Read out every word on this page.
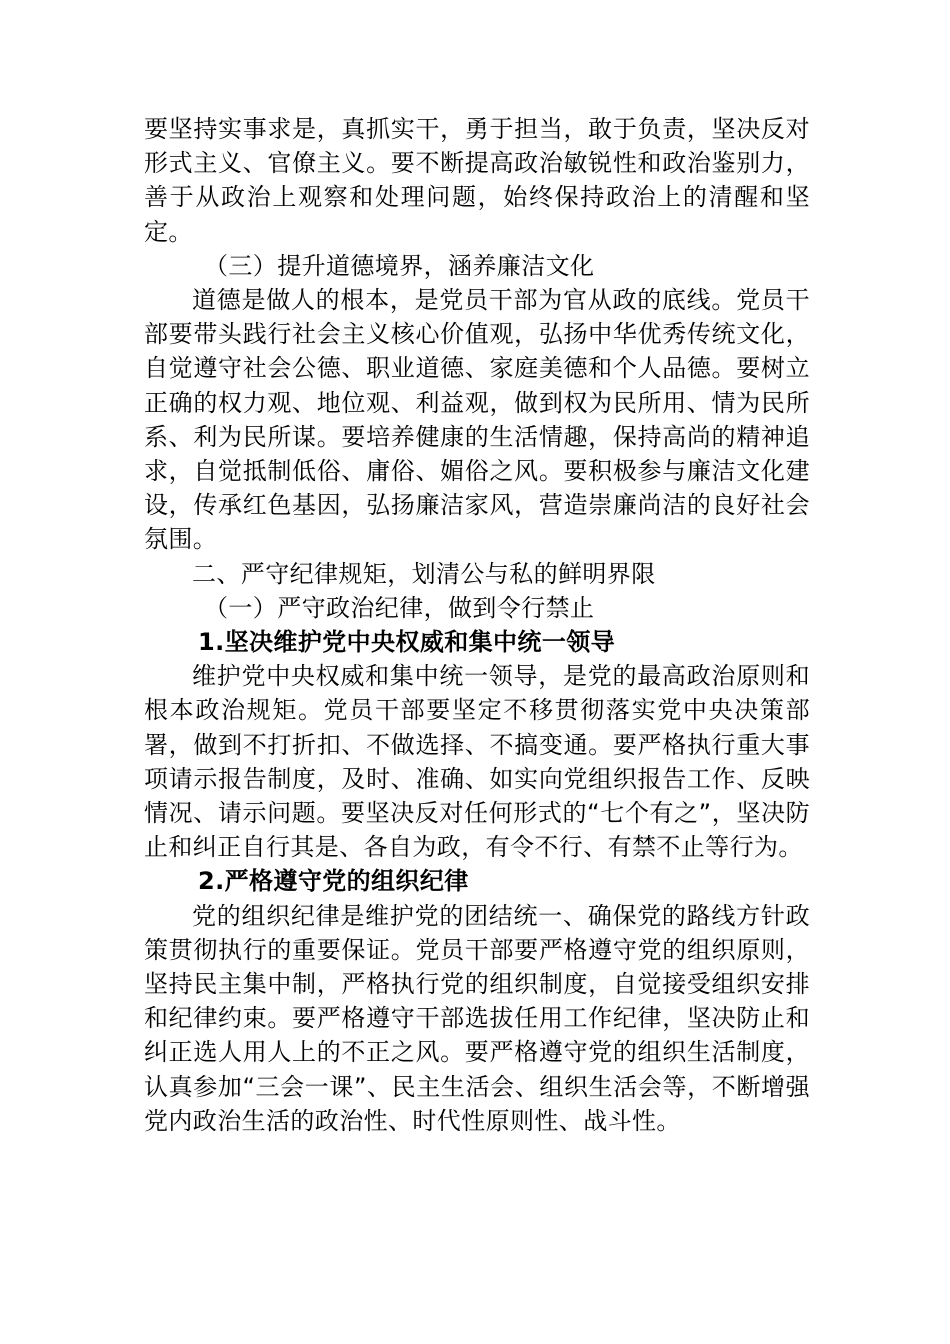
要坚持实事求是，真抓实干，勇于担当，敢于负责，坚决反对形式主义、官僚主义。要不断提高政治敏锐性和政治鉴别力，善于从政治上观察和处理问题，始终保持政治上的清醒和坚定。

（三）提升道德境界，涵养廉洁文化

道德是做人的根本，是党员干部为官从政的底线。党员干部要带头践行社会主义核心价值观，弘扬中华优秀传统文化，自觉遵守社会公德、职业道德、家庭美德和个人品德。要树立正确的权力观、地位观、利益观，做到权为民所用、情为民所系、利为民所谋。要培养健康的生活情趣，保持高尚的精神追求，自觉抵制低俗、庸俗、媚俗之风。要积极参与廉洁文化建设，传承红色基因，弘扬廉洁家风，营造崇廉尚洁的良好社会氛围。

二、严守纪律规矩，划清公与私的鲜明界限

（一）严守政治纪律，做到令行禁止

1.坚决维护党中央权威和集中统一领导

维护党中央权威和集中统一领导，是党的最高政治原则和根本政治规矩。党员干部要坚定不移贯彻落实党中央决策部署，做到不打折扣、不做选择、不搞变通。要严格执行重大事项请示报告制度，及时、准确、如实向党组织报告工作、反映情况、请示问题。要坚决反对任何形式的“七个有之”，坚决防止和纠正自行其是、各自为政，有令不行、有禁不止等行为。

2.严格遵守党的组织纪律

党的组织纪律是维护党的团结统一、确保党的路线方针政策贯彻执行的重要保证。党员干部要严格遵守党的组织原则，坚持民主集中制，严格执行党的组织制度，自觉接受组织安排和纪律约束。要严格遵守干部选拔任用工作纪律，坚决防止和纠正选人用人上的不正之风。要严格遵守党的组织生活制度，认真参加“三会一课”、民主生活会、组织生活会等，不断增强党内政治生活的政治性、时代性原则性、战斗性。
